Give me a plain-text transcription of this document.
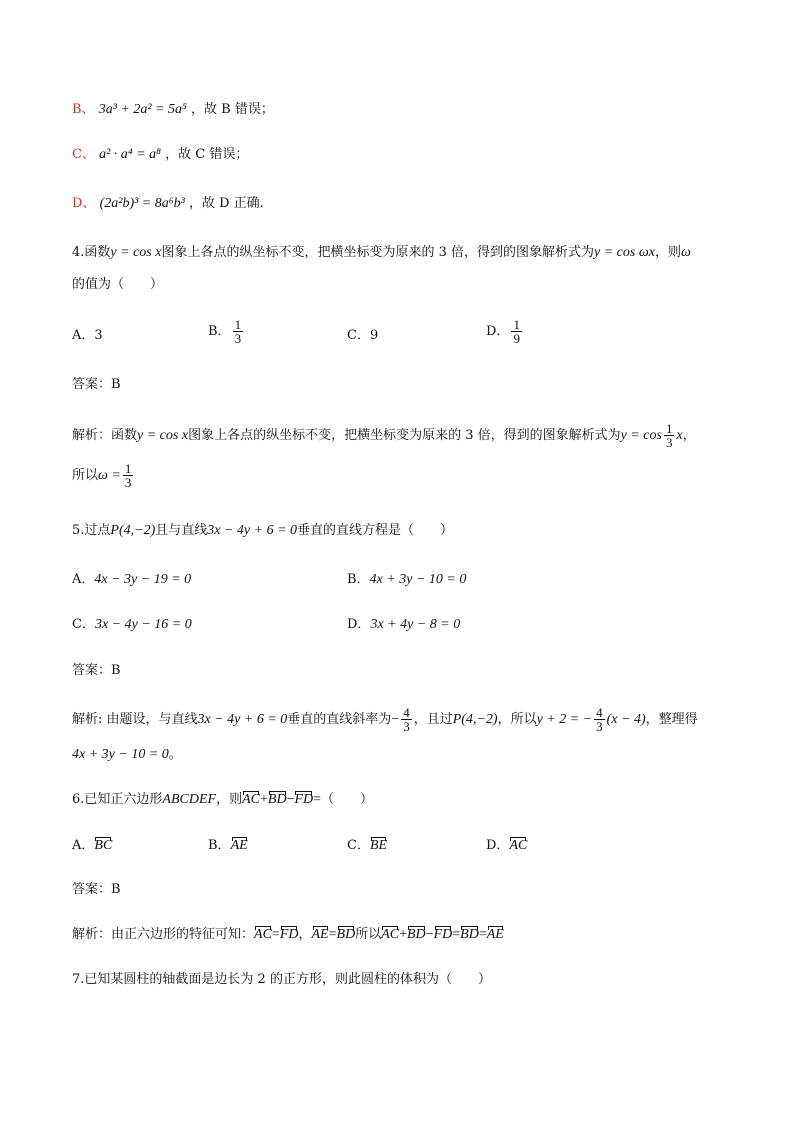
B、 3a³ + 2a² = 5a⁵ ，故 B 错误；
C、 a² · a⁴ = a⁸ ，故 C 错误；
D、 (2a²b)³ = 8a⁶b³ ，故 D 正确.
4.函数y = cos x图象上各点的纵坐标不变，把横坐标变为原来的 3 倍，得到的图象解析式为y = cos ωx，则ω
的值为（　　）
A．3	B． $\frac{1}{3}$	C．9	D． $\frac{1}{9}$
答案：B
解析：函数y = cos x图象上各点的纵坐标不变，把横坐标变为原来的 3 倍，得到的图象解析式为$y = \cos \frac{1}{3}$ x，
所以$\omega = \frac{1}{3}$
5.过点P(4,−2)且与直线3x − 4y + 6 = 0垂直的直线方程是（　　）
A．4x − 3y − 19 = 0	B．4x + 3y − 10 = 0
C．3x − 4y − 16 = 0	D．3x + 4y − 8 = 0
答案：B
解析: 由题设，与直线3x − 4y + 6 = 0垂直的直线斜率为− $\frac{4}{3}$ ，且过P(4,−2)，所以y + 2 = − $\frac{4}{3} (x - 4)$，整理得
4x + 3y − 10 = 0。
6.已知正六边形ABCDEF，则AC+BD−FD=（　　）
A．BC	B．AE	C．BE	D．AC
答案：B
解析：由正六边形的特征可知：AC=FD，AE=BD所以AC+BD−FD=BD=AE
7.已知某圆柱的轴截面是边长为 2 的正方形，则此圆柱的体积为（　　）
